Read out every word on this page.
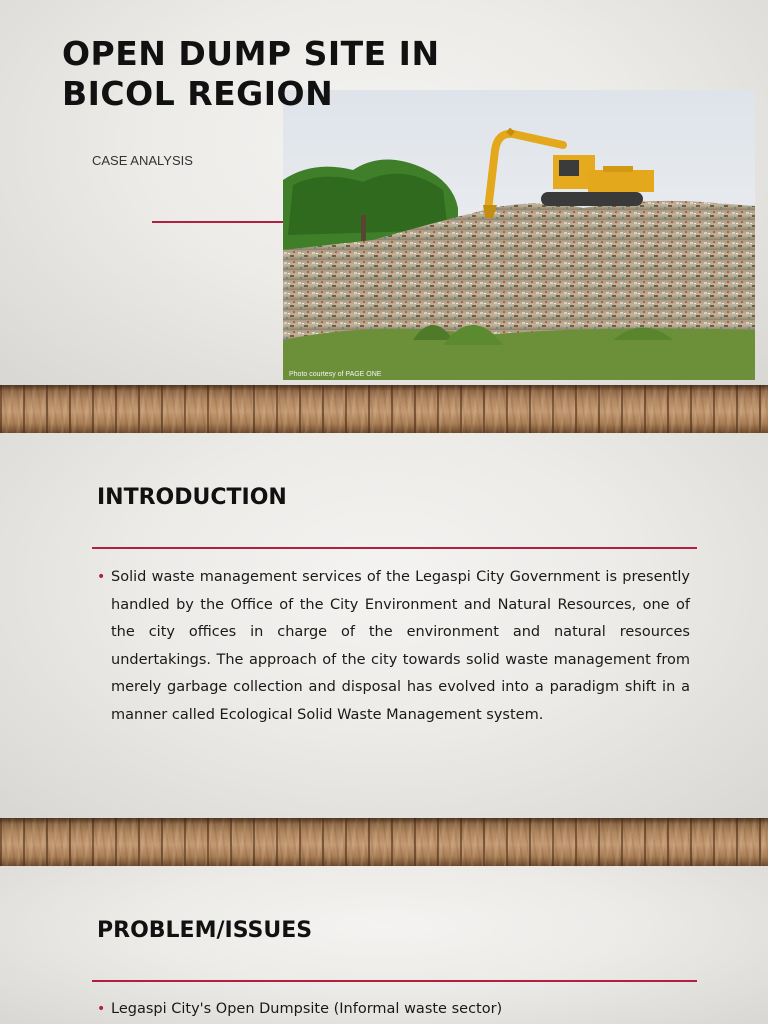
OPEN DUMP SITE IN
BICOL REGION
CASE ANALYSIS
Photo courtesy of PAGE ONE
INTRODUCTION
• Solid waste management services of the Legaspi City Government is presently handled by the Office of the City Environment and Natural Resources, one of the city offices in charge of the environment and natural resources undertakings. The approach of the city towards solid waste management from merely garbage collection and disposal has evolved into a paradigm shift in a manner called Ecological Solid Waste Management system.
PROBLEM/ISSUES
• Legaspi City's Open Dumpsite (Informal waste sector)
